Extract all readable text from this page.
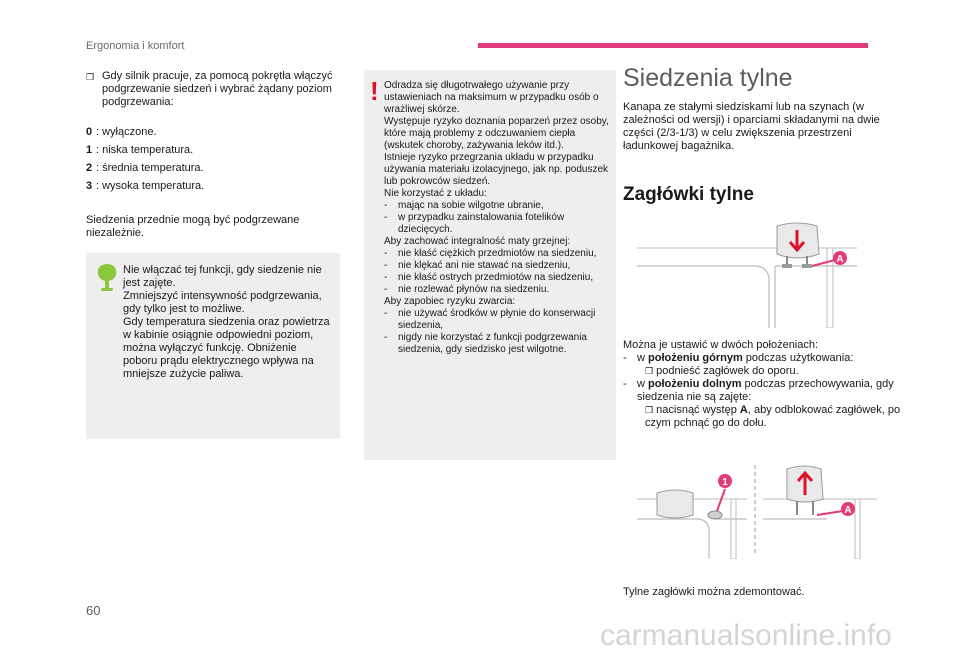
Ergonomia i komfort
❒ Gdy silnik pracuje, za pomocą pokrętła włączyć podgrzewanie siedzeń i wybrać żądany poziom podgrzewania:
0 : wyłączone.
1 : niska temperatura.
2 : średnia temperatura.
3 : wysoka temperatura.
Siedzenia przednie mogą być podgrzewane niezależnie.
Nie włączać tej funkcji, gdy siedzenie nie jest zajęte.
Zmniejszyć intensywność podgrzewania, gdy tylko jest to możliwe.
Gdy temperatura siedzenia oraz powietrza w kabinie osiągnie odpowiedni poziom, można wyłączyć funkcję. Obniżenie poboru prądu elektrycznego wpływa na mniejsze zużycie paliwa.
! Odradza się długotrwałego używanie przy ustawieniach na maksimum w przypadku osób o wrażliwej skórze.
Występuje ryzyko doznania poparzeń przez osoby, które mają problemy z odczuwaniem ciepła (wskutek choroby, zażywania leków itd.).
Istnieje ryzyko przegrzania układu w przypadku używania materiału izolacyjnego, jak np. poduszek lub pokrowców siedzeń.
Nie korzystać z układu:
-	mając na sobie wilgotne ubranie,
-	w przypadku zainstalowania fotelików dziecięcych.
Aby zachować integralność maty grzejnej:
-	nie kłaść ciężkich przedmiotów na siedzeniu,
-	nie klękać ani nie stawać na siedzeniu,
-	nie kłaść ostrych przedmiotów na siedzeniu,
-	nie rozlewać płynów na siedzeniu.
Aby zapobiec ryzyku zwarcia:
-	nie używać środków w płynie do konserwacji siedzenia,
-	nigdy nie korzystać z funkcji podgrzewania siedzenia, gdy siedzisko jest wilgotne.
Siedzenia tylne
Kanapa ze stałymi siedziskami lub na szynach (w zależności od wersji) i oparciami składanymi na dwie części (2/3-1/3) w celu zwiększenia przestrzeni ładunkowej bagażnika.
Zagłówki tylne
A
Można je ustawić w dwóch położeniach:
- w położeniu górnym podczas użytkowania:
❒ podnieść zagłówek do oporu.
- w położeniu dolnym podczas przechowywania, gdy siedzenia nie są zajęte:
❒ nacisnąć występ A, aby odblokować zagłówek, po czym pchnąć go do dołu.
1
A
Tylne zagłówki można zdemontować.
60
carmanualsonline.info
